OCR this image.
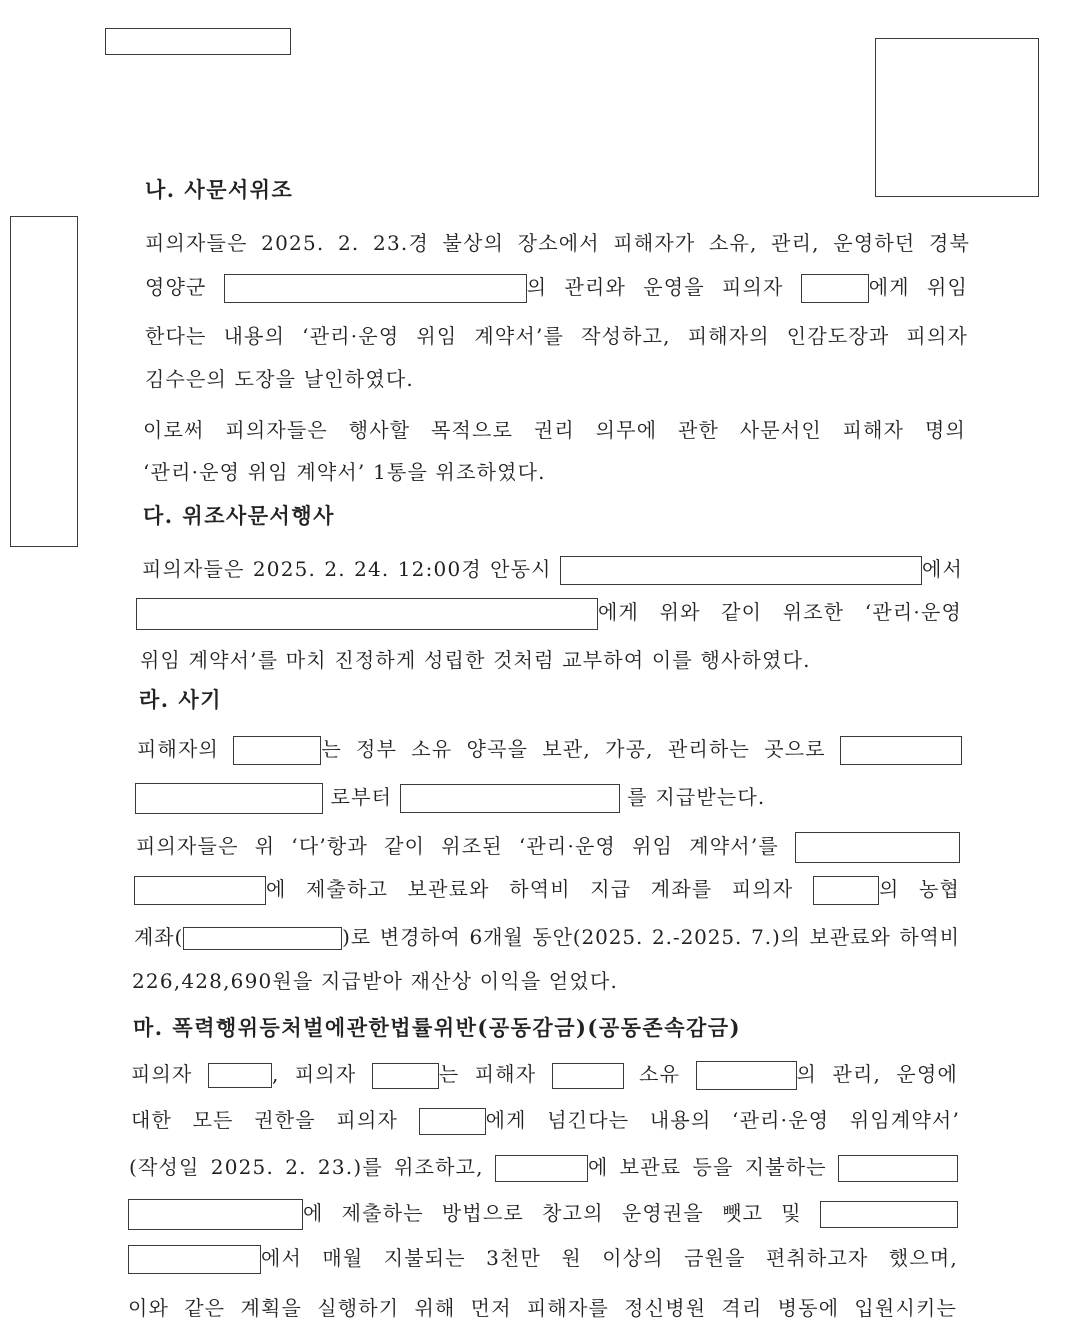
나. 사문서위조
피의자들은 2025. 2. 23.경 불상의 장소에서 피해자가 소유, 관리, 운영하던 경북
영양군	의 관리와 운영을 피의자	에게 위임
한다는 내용의 ‘관리·운영 위임 계약서’를 작성하고, 피해자의 인감도장과 피의자
김수은의 도장을 날인하였다.
이로써 피의자들은 행사할 목적으로 권리 의무에 관한 사문서인 피해자 명의
‘관리·운영 위임 계약서’ 1통을 위조하였다.
다. 위조사문서행사
피의자들은 2025. 2. 24. 12:00경 안동시	에서
에게 위와 같이 위조한 ‘관리·운영
위임 계약서’를 마치 진정하게 성립한 것처럼 교부하여 이를 행사하였다.
라. 사기
피해자의	는 정부 소유 양곡을 보관, 가공, 관리하는 곳으로
로부터	를 지급받는다.
피의자들은 위 ‘다’항과 같이 위조된 ‘관리·운영 위임 계약서’를
에 제출하고 보관료와 하역비 지급 계좌를 피의자	의 농협
계좌(	)로 변경하여 6개월 동안(2025. 2.-2025. 7.)의 보관료와 하역비
226,428,690원을 지급받아 재산상 이익을 얻었다.
마. 폭력행위등처벌에관한법률위반(공동감금)(공동존속감금)
피의자	, 피의자	는 피해자	소유	의 관리, 운영에
대한 모든 권한을 피의자	에게 넘긴다는 내용의 ‘관리·운영 위임계약서’
(작성일 2025. 2. 23.)를 위조하고,	에 보관료 등을 지불하는
에 제출하는 방법으로 창고의 운영권을 뺏고 및
에서 매월 지불되는 3천만 원 이상의 금원을 편취하고자 했으며,
이와 같은 계획을 실행하기 위해 먼저 피해자를 정신병원 격리 병동에 입원시키는
